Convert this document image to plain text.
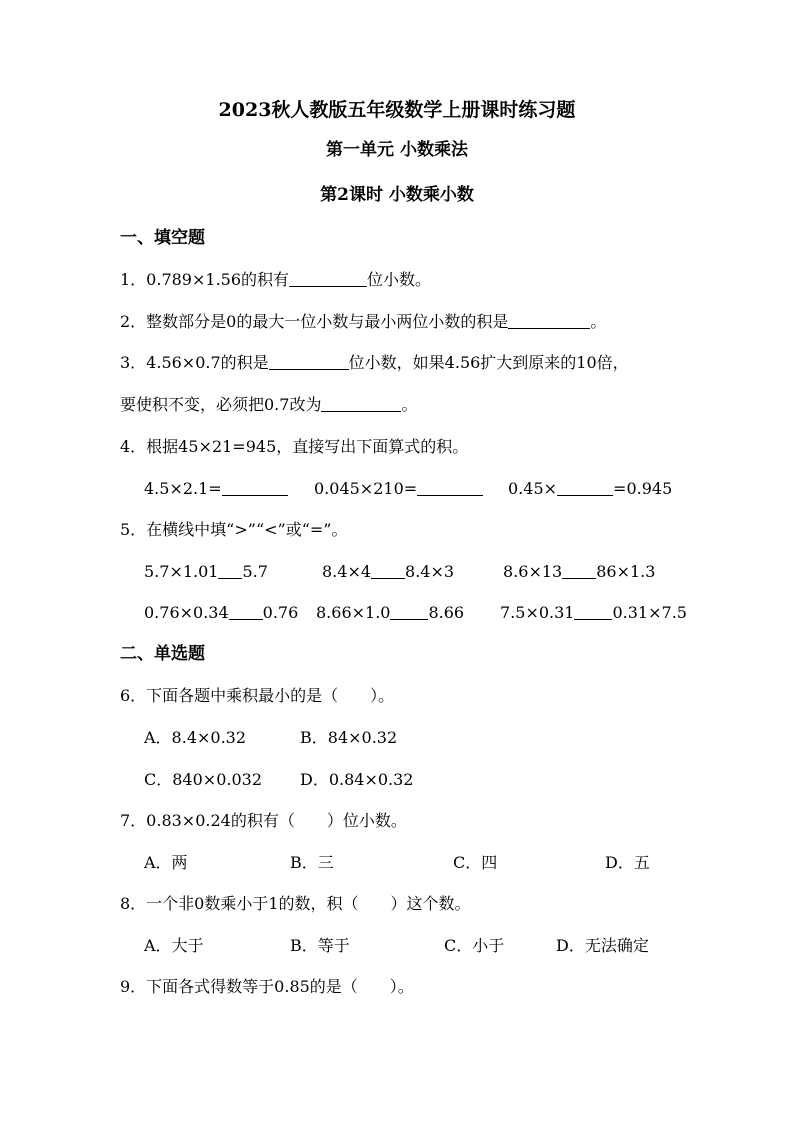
2023秋人教版五年级数学上册课时练习题
第一单元 小数乘法
第2课时 小数乘小数
一、填空题
1．0.789×1.56的积有	位小数。
2．整数部分是0的最大一位小数与最小两位小数的积是	。
3．4.56×0.7的积是	位小数，如果4.56扩大到原来的10倍，
要使积不变，必须把0.7改为	。
4．根据45×21=945，直接写出下面算式的积。
4.5×2.1=	0.045×210=	0.45×	=0.945
5．在横线中填“>”“<”或“=”。
5.7×1.01 5.7	8.4×4 8.4×3	8.6×13 86×1.3
0.76×0.34 0.76 8.66×1.0 8.66 7.5×0.31 0.31×7.5
二、单选题
6．下面各题中乘积最小的是（　　）。
A．8.4×0.32	B．84×0.32
C．840×0.032 D．0.84×0.32
7．0.83×0.24的积有（　　）位小数。
A．两	B．三	C．四	D．五
8．一个非0数乘小于1的数，积（　　）这个数。
A．大于	B．等于	C．小于	D．无法确定
9．下面各式得数等于0.85的是（　　）。
